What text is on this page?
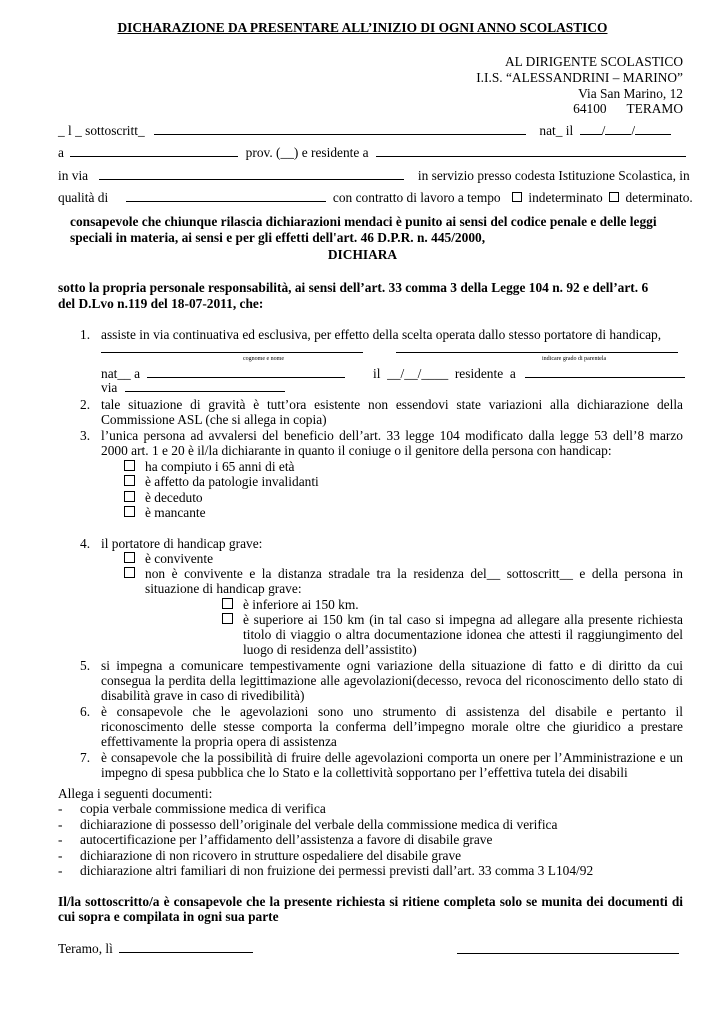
DICHARAZIONE DA PRESENTARE ALL’INIZIO DI OGNI ANNO SCOLASTICO
AL DIRIGENTE SCOLASTICO
I.I.S. “ALESSANDRINI – MARINO”
Via San Marino, 12
64100      TERAMO
_ l _ sottoscritt_	nat_ il / /
a	prov. (__) e residente a
in via	in servizio presso codesta Istituzione Scolastica, in
qualità di	con contratto di lavoro a tempo indeterminato determinato.
consapevole che chiunque rilascia dichiarazioni mendaci è punito ai sensi del codice penale e delle leggi
speciali in materia, ai sensi e per gli effetti dell'art. 46 D.P.R. n. 445/2000,
DICHIARA
sotto la propria personale responsabilità, ai sensi dell’art. 33 comma 3 della Legge 104 n. 92 e dell’art. 6
del D.Lvo n.119 del 18-07-2011, che:
1. assiste in via continuativa ed esclusiva, per effetto della scelta operata dallo stesso portatore di handicap,
cognome e nome	indicare grado di parentela
nat__ a	il  __/__/____  residente  a
via
2. tale situazione di gravità è tutt’ora esistente non essendovi state variazioni alla dichiarazione della
Commissione ASL (che si allega in copia)
3. l’unica persona ad avvalersi del beneficio dell’art. 33 legge 104 modificato dalla legge 53 dell’8 marzo
2000 art. 1 e 20 è il/la dichiarante in quanto il coniuge o il genitore della persona con handicap:
ha compiuto i 65 anni di età
è affetto da patologie invalidanti
è deceduto
è mancante
4. il portatore di handicap grave:
è convivente
non è convivente e la distanza stradale tra la residenza del__ sottoscritt__ e della persona in
situazione di handicap grave:
è inferiore ai 150 km.
è superiore ai 150 km (in tal caso si impegna ad allegare alla presente richiesta
titolo di viaggio o altra documentazione idonea che attesti il raggiungimento del
luogo di residenza dell’assistito)
5. si impegna a comunicare tempestivamente ogni variazione della situazione di fatto e di diritto da cui
consegua la perdita della legittimazione alle agevolazioni(decesso, revoca del riconoscimento dello stato di
disabilità grave in caso di rivedibilità)
6. è consapevole che le agevolazioni sono uno strumento di assistenza del disabile e pertanto il
riconoscimento delle stesse comporta la conferma dell’impegno morale oltre che giuridico a prestare
effettivamente la propria opera di assistenza
7. è consapevole che la possibilità di fruire delle agevolazioni comporta un onere per l’Amministrazione e un
impegno di spesa pubblica che lo Stato e la collettività sopportano per l’effettiva tutela dei disabili
Allega i seguenti documenti:
- copia verbale commissione medica di verifica
- dichiarazione di possesso dell’originale del verbale della commissione medica di verifica
- autocertificazione per l’affidamento dell’assistenza a favore di disabile grave
- dichiarazione di non ricovero in strutture ospedaliere del disabile grave
- dichiarazione altri familiari di non fruizione dei permessi previsti dall’art. 33 comma 3 L104/92
Il/la sottoscritto/a è consapevole che la presente richiesta si ritiene completa solo se munita dei documenti di
cui sopra e compilata in ogni sua parte
Teramo, lì
